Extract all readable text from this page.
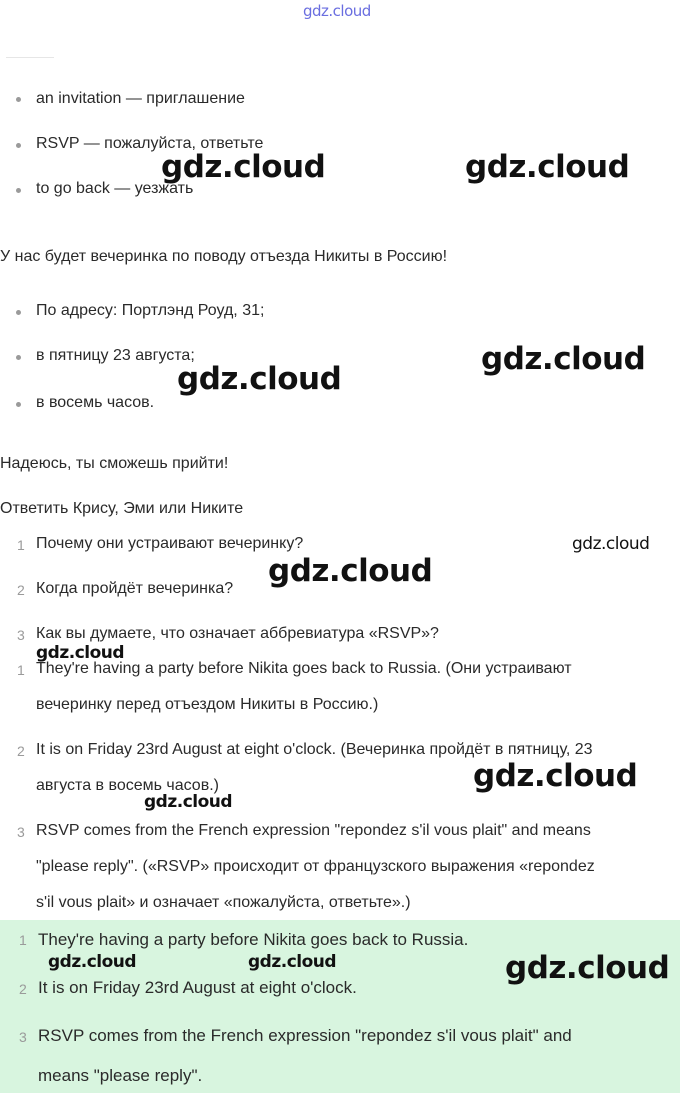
gdz.cloud
an invitation — приглашение
RSVP — пожалуйста, ответьте
to go back — уезжать
У нас будет вечеринка по поводу отъезда Никиты в Россию!
По адресу: Портлэнд Роуд, 31;
в пятницу 23 августа;
в восемь часов.
Надеюсь, ты сможешь прийти!
Ответить Крису, Эми или Никите
1 Почему они устраивают вечеринку?
2 Когда пройдёт вечеринка?
3 Как вы думаете, что означает аббревиатура «RSVP»?
1 They're having a party before Nikita goes back to Russia. (Они устраивают
вечеринку перед отъездом Никиты в Россию.)
2 It is on Friday 23rd August at eight o'clock. (Вечеринка пройдёт в пятницу, 23
августа в восемь часов.)
3 RSVP comes from the French expression "repondez s'il vous plait" and means
"please reply". («RSVP» происходит от французского выражения «repondez
s'il vous plait» и означает «пожалуйста, ответьте».)
1 They're having a party before Nikita goes back to Russia.
2 It is on Friday 23rd August at eight o'clock.
3 RSVP comes from the French expression "repondez s'il vous plait" and
means "please reply".
gdz.cloud	gdz.cloud
gdz.cloud
gdz.cloud
gdz.cloud
gdz.cloud
gdz.cloud
gdz.cloud
gdz.cloud
gdz.cloud	gdz.cloud	gdz.cloud
